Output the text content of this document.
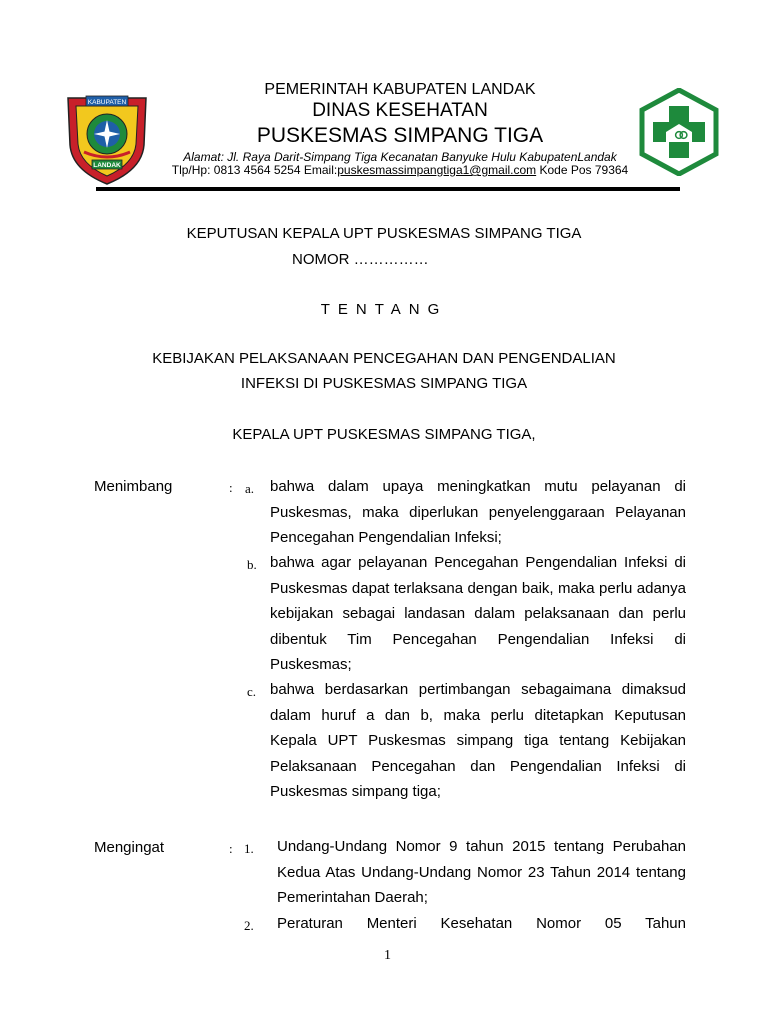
KABUPATEN
LANDAK
PEMERINTAH KABUPATEN LANDAK
DINAS KESEHATAN
PUSKESMAS SIMPANG TIGA
Alamat: Jl. Raya Darit-Simpang Tiga Kecanatan Banyuke Hulu KabupatenLandak
Tlp/Hp: 0813 4564 5254 Email:puskesmassimpangtiga1@gmail.com Kode Pos 79364
KEPUTUSAN KEPALA UPT PUSKESMAS SIMPANG TIGA
NOMOR ……………
TENTANG
KEBIJAKAN PELAKSANAAN PENCEGAHAN DAN PENGENDALIAN
INFEKSI DI PUSKESMAS SIMPANG TIGA
KEPALA UPT PUSKESMAS SIMPANG TIGA,
Menimbang	: a. bahwa dalam upaya meningkatkan mutu pelayanan di Puskesmas, maka diperlukan penyelenggaraan Pelayanan Pencegahan Pengendalian Infeksi;
b. bahwa agar pelayanan Pencegahan Pengendalian Infeksi di Puskesmas dapat terlaksana dengan baik, maka perlu adanya kebijakan sebagai landasan dalam pelaksanaan dan perlu dibentuk Tim Pencegahan Pengendalian Infeksi di Puskesmas;
c. bahwa berdasarkan pertimbangan sebagaimana dimaksud dalam huruf a dan b, maka perlu ditetapkan Keputusan Kepala UPT Puskesmas simpang tiga tentang Kebijakan Pelaksanaan Pencegahan dan Pengendalian Infeksi di Puskesmas simpang tiga;
Mengingat	: 1. Undang-Undang Nomor 9 tahun 2015 tentang Perubahan Kedua Atas Undang-Undang Nomor 23 Tahun 2014 tentang Pemerintahan Daerah;
2. Peraturan Menteri Kesehatan Nomor 05 Tahun
1
